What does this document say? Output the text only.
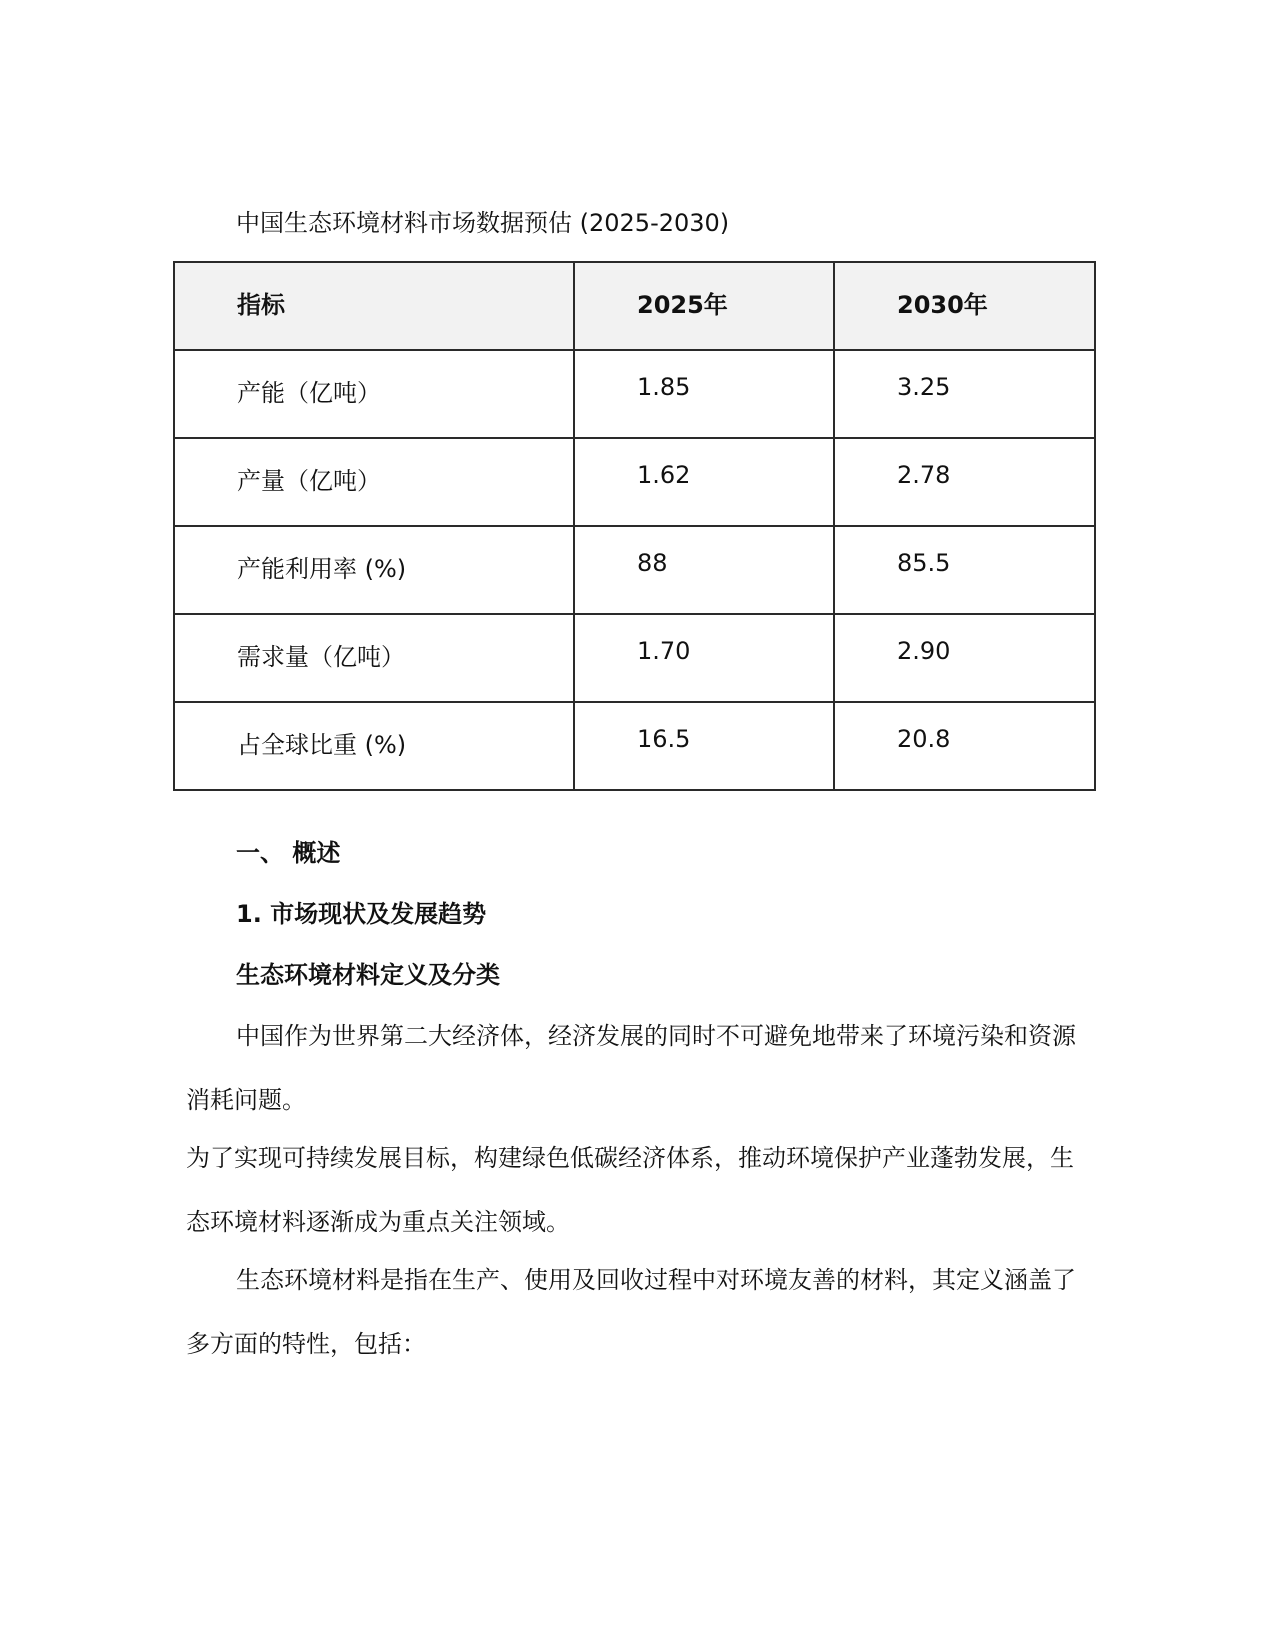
中国生态环境材料市场数据预估 (2025-2030)
指标	2025年	2030年
产能（亿吨）	1.85	3.25
产量（亿吨）	1.62	2.78
产能利用率 (%)	88	85.5
需求量（亿吨）	1.70	2.90
占全球比重 (%)	16.5	20.8
一、 概述
1. 市场现状及发展趋势
生态环境材料定义及分类
中国作为世界第二大经济体，经济发展的同时不可避免地带来了环境污染和资源消耗问题。
为了实现可持续发展目标，构建绿色低碳经济体系，推动环境保护产业蓬勃发展，生态环境材料逐渐成为重点关注领域。
生态环境材料是指在生产、使用及回收过程中对环境友善的材料，其定义涵盖了多方面的特性，包括：
